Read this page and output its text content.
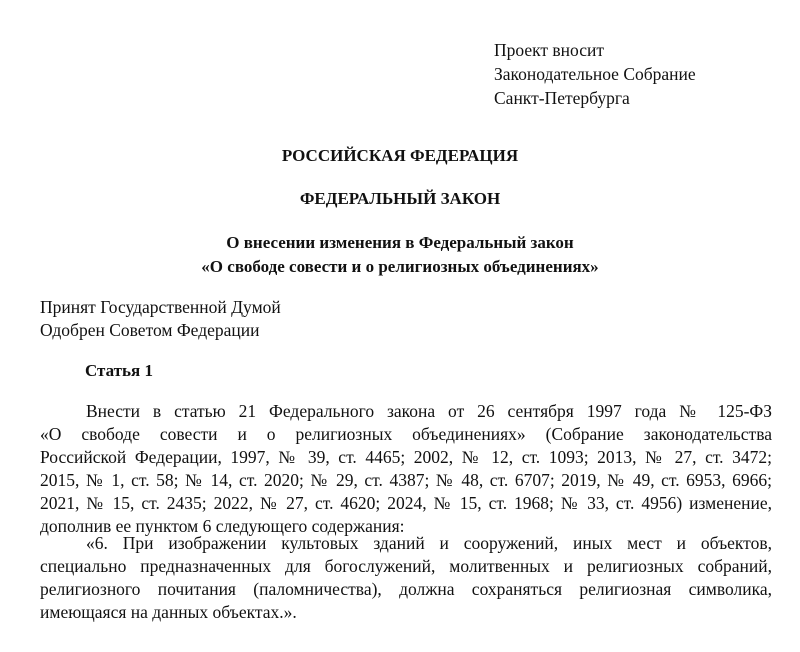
Проект вносит
Законодательное Собрание
Санкт-Петербурга
РОССИЙСКАЯ ФЕДЕРАЦИЯ
ФЕДЕРАЛЬНЫЙ ЗАКОН
О внесении изменения в Федеральный закон
«О свободе совести и о религиозных объединениях»
Принят Государственной Думой
Одобрен Советом Федерации
Статья 1
Внести в статью 21 Федерального закона от 26 сентября 1997 года № 125-ФЗ
«О свободе совести и о религиозных объединениях» (Собрание законодательства
Российской Федерации, 1997, № 39, ст. 4465; 2002, № 12, ст. 1093; 2013, № 27, ст. 3472;
2015, № 1, ст. 58; № 14, ст. 2020; № 29, ст. 4387; № 48, ст. 6707; 2019, № 49, ст. 6953, 6966;
2021, № 15, ст. 2435; 2022, № 27, ст. 4620; 2024, № 15, ст. 1968; № 33, ст. 4956) изменение,
дополнив ее пунктом 6 следующего содержания:
«6. При изображении культовых зданий и сооружений, иных мест и объектов,
специально предназначенных для богослужений, молитвенных и религиозных собраний,
религиозного почитания (паломничества), должна сохраняться религиозная символика,
имеющаяся на данных объектах.».
